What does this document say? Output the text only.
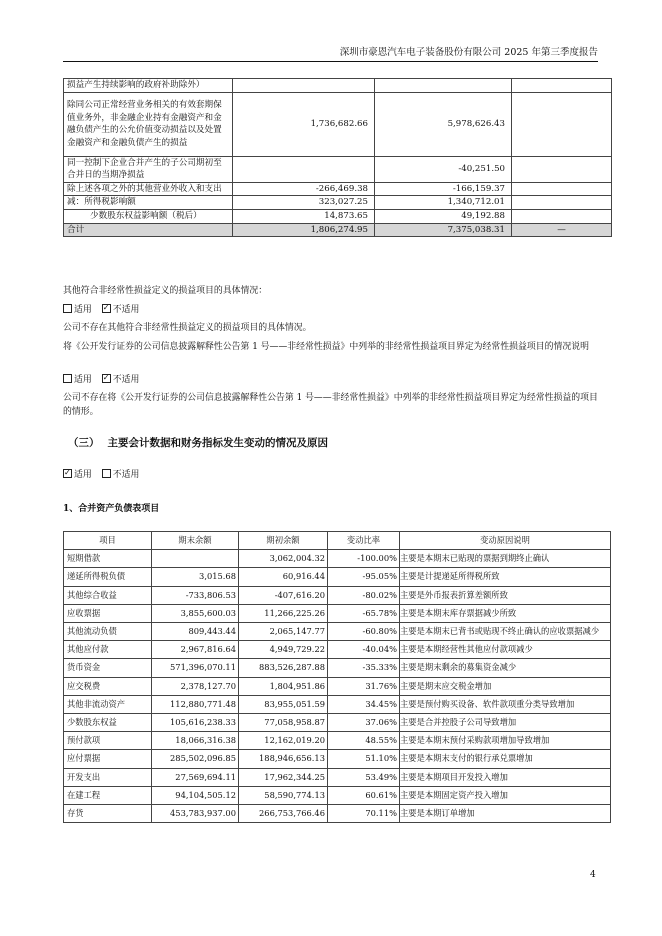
深圳市豪恩汽车电子装备股份有限公司 2025 年第三季度报告
损益产生持续影响的政府补助除外）			
除同公司正常经营业务相关的有效套期保值业务外，非金融企业持有金融资产和金融负债产生的公允价值变动损益以及处置金融资产和金融负债产生的损益	1,736,682.66	5,978,626.43	
同一控制下企业合并产生的子公司期初至合并日的当期净损益		-40,251.50	
除上述各项之外的其他营业外收入和支出	-266,469.38	-166,159.37	
减：所得税影响额	323,027.25	1,340,712.01	
少数股东权益影响额（税后）	14,873.65	49,192.88	
合计	1,806,274.95	7,375,038.31	—
其他符合非经常性损益定义的损益项目的具体情况：
适用 ✓ 不适用
公司不存在其他符合非经常性损益定义的损益项目的具体情况。
将《公开发行证券的公司信息披露解释性公告第 1 号——非经常性损益》中列举的非经常性损益项目界定为经常性损益项目的情况说明
适用 ✓ 不适用
公司不存在将《公开发行证券的公司信息披露解释性公告第 1 号——非经常性损益》中列举的非经常性损益项目界定为经常性损益的项目的情形。
（三） 主要会计数据和财务指标发生变动的情况及原因
✓适用 不适用
1、合并资产负债表项目
项目	期末余额	期初余额	变动比率	变动原因说明
短期借款		3,062,004.32	-100.00%	主要是本期末已贴现的票据到期终止确认
递延所得税负债	3,015.68	60,916.44	-95.05%	主要是计提递延所得税所致
其他综合收益	-733,806.53	-407,616.20	-80.02%	主要是外币报表折算差额所致
应收票据	3,855,600.03	11,266,225.26	-65.78%	主要是本期末库存票据减少所致
其他流动负债	809,443.44	2,065,147.77	-60.80%	主要是本期末已背书或贴现不终止确认的应收票据减少
其他应付款	2,967,816.64	4,949,729.22	-40.04%	主要是本期经营性其他应付款项减少
货币资金	571,396,070.11	883,526,287.88	-35.33%	主要是期末剩余的募集资金减少
应交税费	2,378,127.70	1,804,951.86	31.76%	主要是期末应交税金增加
其他非流动资产	112,880,771.48	83,955,051.59	34.45%	主要是预付购买设备、软件款项重分类导致增加
少数股东权益	105,616,238.33	77,058,958.87	37.06%	主要是合并控股子公司导致增加
预付款项	18,066,316.38	12,162,019.20	48.55%	主要是本期末预付采购款项增加导致增加
应付票据	285,502,096.85	188,946,656.13	51.10%	主要是本期末支付的银行承兑票增加
开发支出	27,569,694.11	17,962,344.25	53.49%	主要是本期项目开发投入增加
在建工程	94,104,505.12	58,590,774.13	60.61%	主要是本期固定资产投入增加
存货	453,783,937.00	266,753,766.46	70.11%	主要是本期订单增加
4
